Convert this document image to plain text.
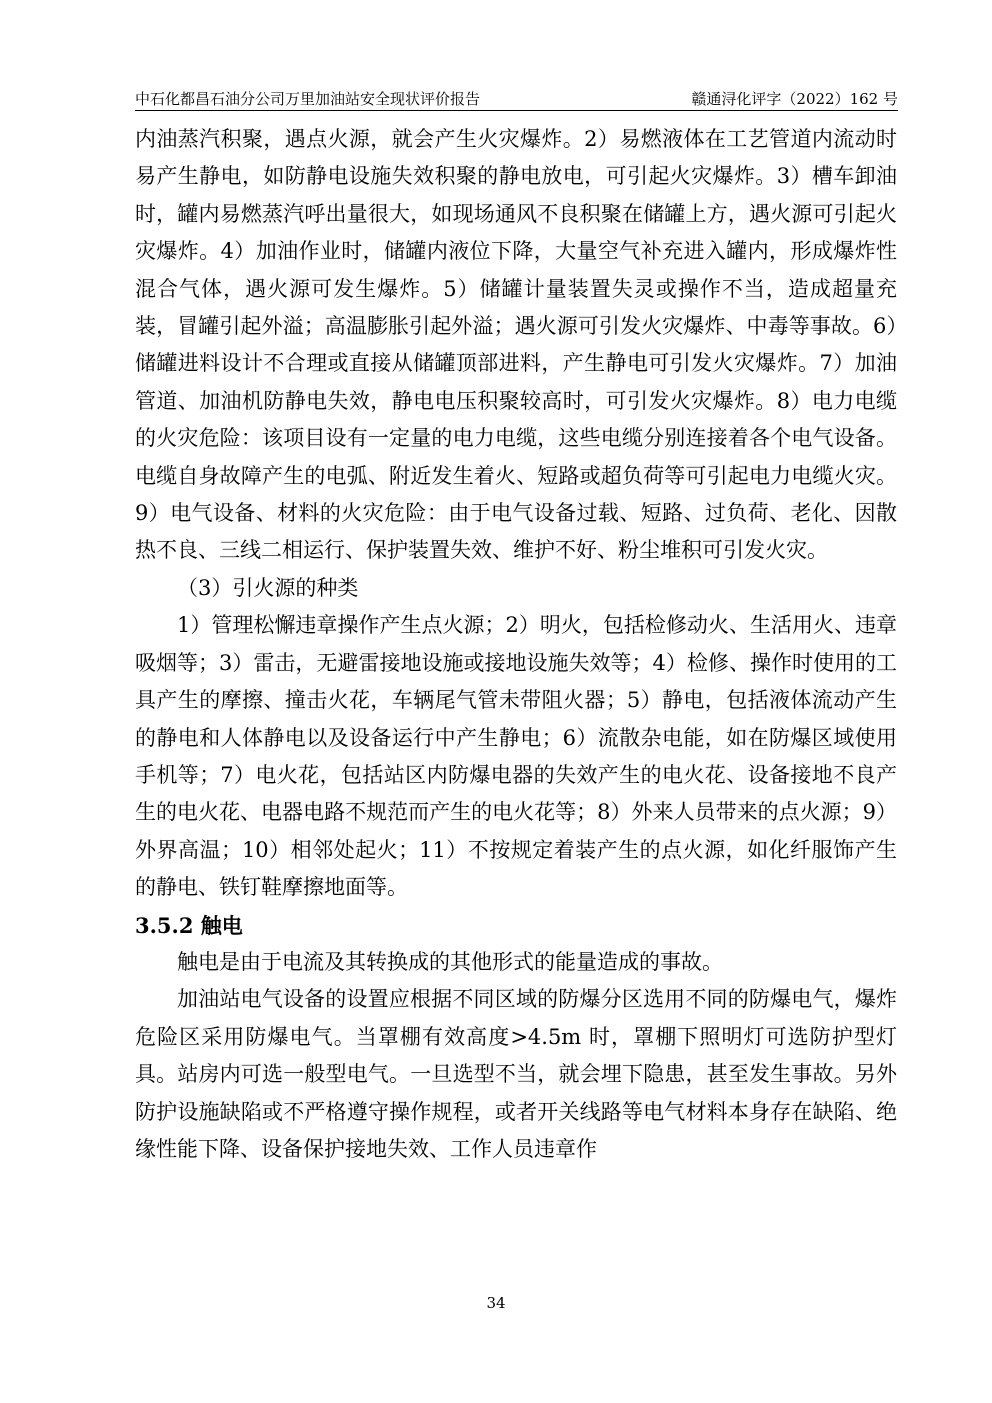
中石化都昌石油分公司万里加油站安全现状评价报告	赣通浔化评字（2022）162 号

内油蒸汽积聚，遇点火源，就会产生火灾爆炸。2）易燃液体在工艺管道内流动时易产生静电，如防静电设施失效积聚的静电放电，可引起火灾爆炸。3）槽车卸油时，罐内易燃蒸汽呼出量很大，如现场通风不良积聚在储罐上方，遇火源可引起火灾爆炸。4）加油作业时，储罐内液位下降，大量空气补充进入罐内，形成爆炸性混合气体，遇火源可发生爆炸。5）储罐计量装置失灵或操作不当，造成超量充装，冒罐引起外溢；高温膨胀引起外溢；遇火源可引发火灾爆炸、中毒等事故。6）储罐进料设计不合理或直接从储罐顶部进料，产生静电可引发火灾爆炸。7）加油管道、加油机防静电失效，静电电压积聚较高时，可引发火灾爆炸。8）电力电缆的火灾危险：该项目设有一定量的电力电缆，这些电缆分别连接着各个电气设备。电缆自身故障产生的电弧、附近发生着火、短路或超负荷等可引起电力电缆火灾。9）电气设备、材料的火灾危险：由于电气设备过载、短路、过负荷、老化、因散热不良、三线二相运行、保护装置失效、维护不好、粉尘堆积可引发火灾。

（3）引火源的种类

1）管理松懈违章操作产生点火源；2）明火，包括检修动火、生活用火、违章吸烟等；3）雷击，无避雷接地设施或接地设施失效等；4）检修、操作时使用的工具产生的摩擦、撞击火花，车辆尾气管未带阻火器；5）静电，包括液体流动产生的静电和人体静电以及设备运行中产生静电；6）流散杂电能，如在防爆区域使用手机等；7）电火花，包括站区内防爆电器的失效产生的电火花、设备接地不良产生的电火花、电器电路不规范而产生的电火花等；8）外来人员带来的点火源；9）外界高温；10）相邻处起火；11）不按规定着装产生的点火源，如化纤服饰产生的静电、铁钉鞋摩擦地面等。

3.5.2 触电

触电是由于电流及其转换成的其他形式的能量造成的事故。

加油站电气设备的设置应根据不同区域的防爆分区选用不同的防爆电气，爆炸危险区采用防爆电气。当罩棚有效高度>4.5m 时，罩棚下照明灯可选防护型灯具。站房内可选一般型电气。一旦选型不当，就会埋下隐患，甚至发生事故。另外防护设施缺陷或不严格遵守操作规程，或者开关线路等电气材料本身存在缺陷、绝缘性能下降、设备保护接地失效、工作人员违章作

34
